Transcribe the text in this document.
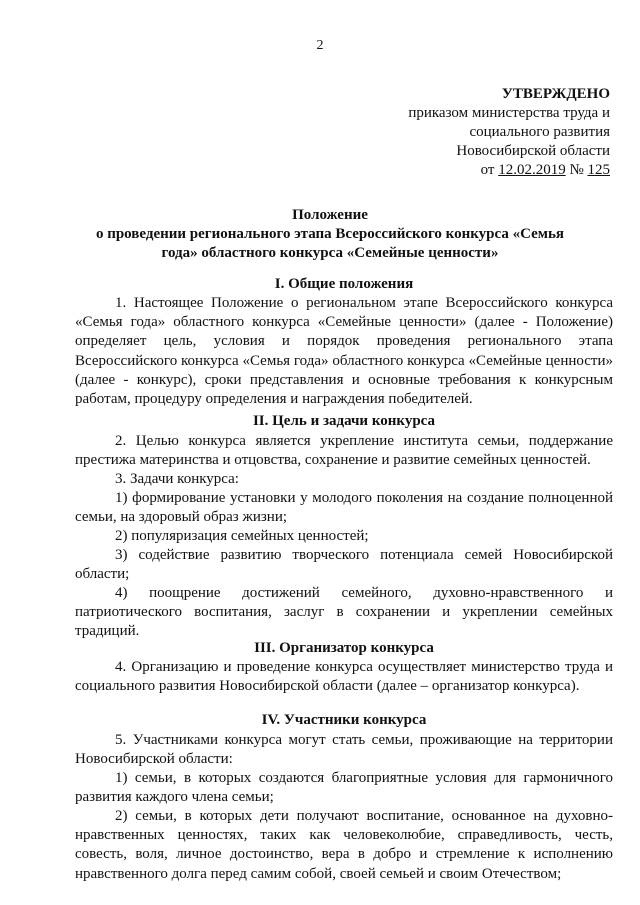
2
УТВЕРЖДЕНО
приказом министерства труда и
социального развития
Новосибирской области
от 12.02.2019 № 125
Положение
о проведении регионального этапа Всероссийского конкурса «Семья
года» областного конкурса «Семейные ценности»
I. Общие положения
1. Настоящее Положение о региональном этапе Всероссийского конкурса «Семья года» областного конкурса «Семейные ценности» (далее - Положение) определяет цель, условия и порядок проведения регионального этапа Всероссийского конкурса «Семья года» областного конкурса «Семейные ценности» (далее - конкурс), сроки представления и основные требования к конкурсным работам, процедуру определения и награждения победителей.
II. Цель и задачи конкурса
2. Целью конкурса является укрепление института семьи, поддержание престижа материнства и отцовства, сохранение и развитие семейных ценностей.
3. Задачи конкурса:
1) формирование установки у молодого поколения на создание полноценной семьи, на здоровый образ жизни;
2) популяризация семейных ценностей;
3) содействие развитию творческого потенциала семей Новосибирской области;
4) поощрение достижений семейного, духовно-нравственного и патриотического воспитания, заслуг в сохранении и укреплении семейных традиций.
III. Организатор конкурса
4. Организацию и проведение конкурса осуществляет министерство труда и социального развития Новосибирской области (далее – организатор конкурса).
IV. Участники конкурса
5. Участниками конкурса могут стать семьи, проживающие на территории Новосибирской области:
1) семьи, в которых создаются благоприятные условия для гармоничного развития каждого члена семьи;
2) семьи, в которых дети получают воспитание, основанное на духовно-нравственных ценностях, таких как человеколюбие, справедливость, честь, совесть, воля, личное достоинство, вера в добро и стремление к исполнению нравственного долга перед самим собой, своей семьей и своим Отечеством;
